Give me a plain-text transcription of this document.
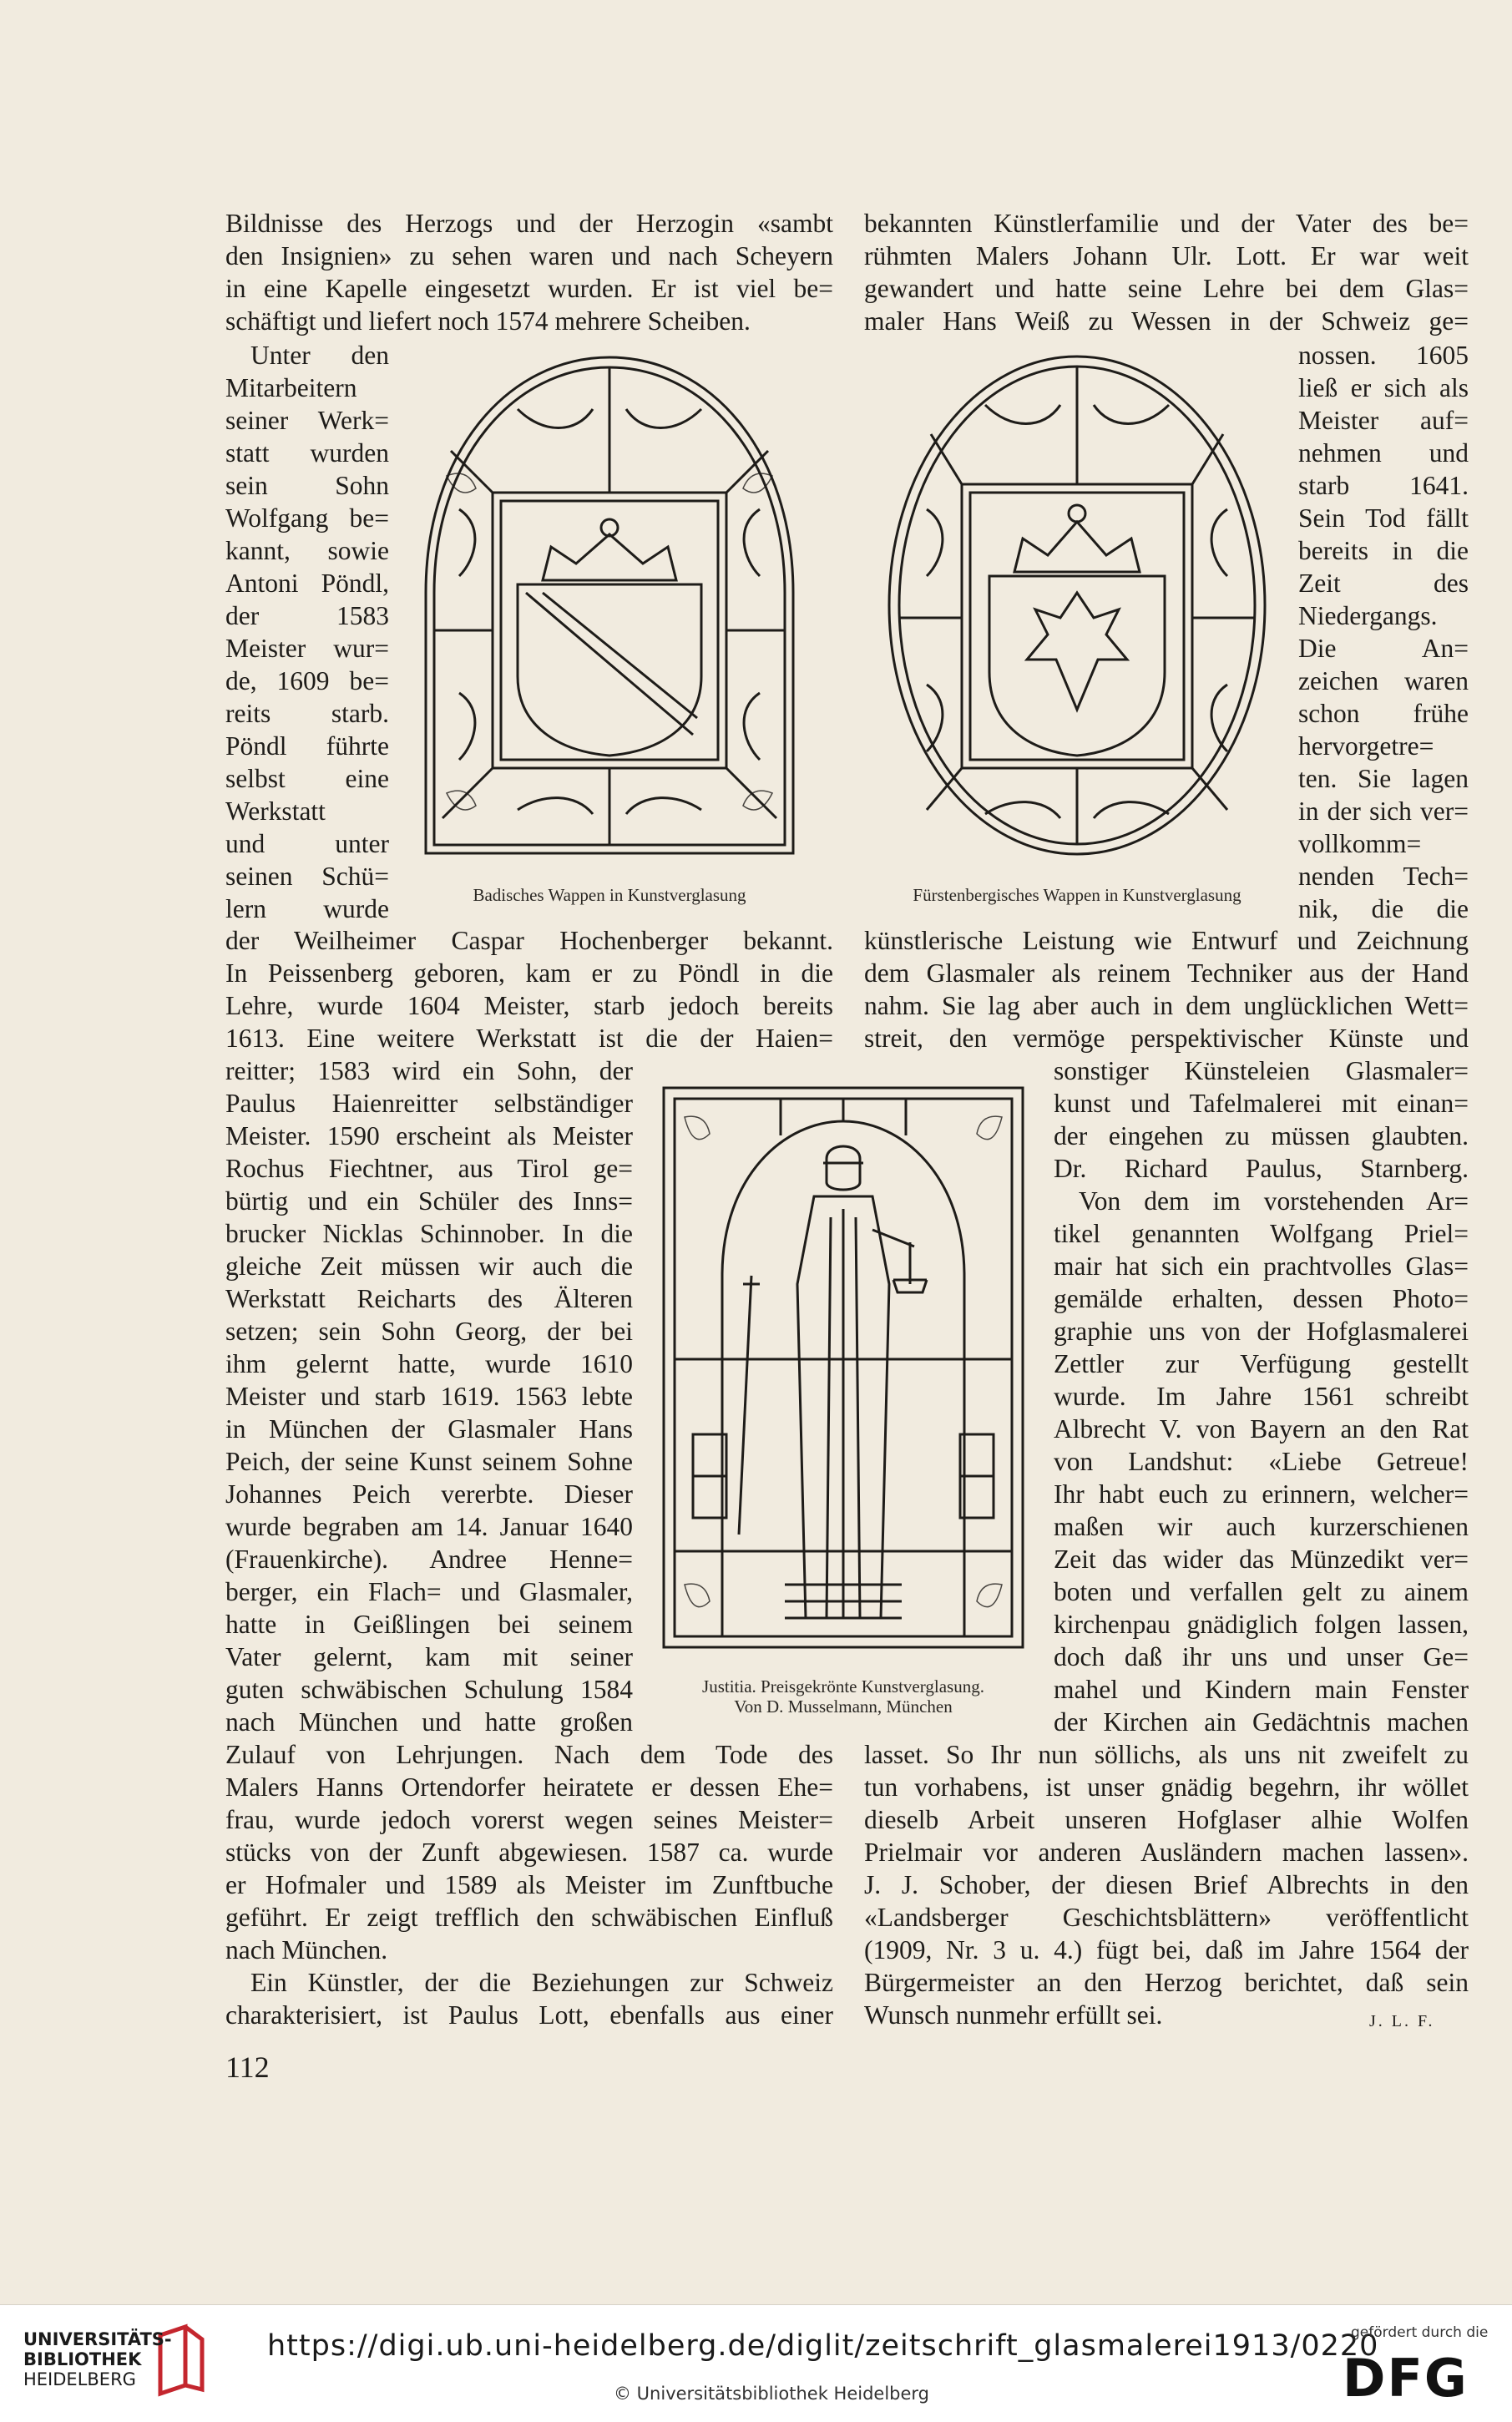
Bildnisse des Herzogs und der Herzogin «sambt
den Insignien» zu sehen waren und nach Scheyern
in eine Kapelle eingesetzt wurden. Er ist viel be=
schäftigt und liefert noch 1574 mehrere Scheiben.
Unter den
Mitarbeitern
seiner Werk=
statt wurden
sein Sohn
Wolfgang be=
kannt, sowie
Antoni Pöndl,
der 1583
Meister wur=
de, 1609 be=
reits starb.
Pöndl führte
selbst eine
Werkstatt
und unter
seinen Schü=
lern wurde
der Weilheimer Caspar Hochenberger bekannt.
In Peissenberg geboren, kam er zu Pöndl in die
Lehre, wurde 1604 Meister, starb jedoch bereits
1613. Eine weitere Werkstatt ist die der Haien=
reitter; 1583 wird ein Sohn, der
Paulus Haienreitter selbständiger
Meister. 1590 erscheint als Meister
Rochus Fiechtner, aus Tirol ge=
bürtig und ein Schüler des Inns=
brucker Nicklas Schinnober. In die
gleiche Zeit müssen wir auch die
Werkstatt Reicharts des Älteren
setzen; sein Sohn Georg, der bei
ihm gelernt hatte, wurde 1610
Meister und starb 1619. 1563 lebte
in München der Glasmaler Hans
Peich, der seine Kunst seinem Sohne
Johannes Peich vererbte. Dieser
wurde begraben am 14. Januar 1640
(Frauenkirche). Andree Henne=
berger, ein Flach= und Glasmaler,
hatte in Geißlingen bei seinem
Vater gelernt, kam mit seiner
guten schwäbischen Schulung 1584
nach München und hatte großen
Zulauf von Lehrjungen. Nach dem Tode des
Malers Hanns Ortendorfer heiratete er dessen Ehe=
frau, wurde jedoch vorerst wegen seines Meister=
stücks von der Zunft abgewiesen. 1587 ca. wurde
er Hofmaler und 1589 als Meister im Zunftbuche
geführt. Er zeigt trefflich den schwäbischen Einfluß
nach München.
Ein Künstler, der die Beziehungen zur Schweiz
charakterisiert, ist Paulus Lott, ebenfalls aus einer
bekannten Künstlerfamilie und der Vater des be=
rühmten Malers Johann Ulr. Lott. Er war weit
gewandert und hatte seine Lehre bei dem Glas=
maler Hans Weiß zu Wessen in der Schweiz ge=
nossen. 1605
ließ er sich als
Meister auf=
nehmen und
starb 1641.
Sein Tod fällt
bereits in die
Zeit des
Niedergangs.
Die An=
zeichen waren
schon frühe
hervorgetre=
ten. Sie lagen
in der sich ver=
vollkomm=
nenden Tech=
nik, die die
künstlerische Leistung wie Entwurf und Zeichnung
dem Glasmaler als reinem Techniker aus der Hand
nahm. Sie lag aber auch in dem unglücklichen Wett=
streit, den vermöge perspektivischer Künste und
sonstiger Künsteleien Glasmaler=
kunst und Tafelmalerei mit einan=
der eingehen zu müssen glaubten.
Dr. Richard Paulus, Starnberg.
Von dem im vorstehenden Ar=
tikel genannten Wolfgang Priel=
mair hat sich ein prachtvolles Glas=
gemälde erhalten, dessen Photo=
graphie uns von der Hofglasmalerei
Zettler zur Verfügung gestellt
wurde. Im Jahre 1561 schreibt
Albrecht V. von Bayern an den Rat
von Landshut: «Liebe Getreue!
Ihr habt euch zu erinnern, welcher=
maßen wir auch kurzerschienen
Zeit das wider das Münzedikt ver=
boten und verfallen gelt zu ainem
kirchenpau gnädiglich folgen lassen,
doch daß ihr uns und unser Ge=
mahel und Kindern main Fenster
der Kirchen ain Gedächtnis machen
lasset. So Ihr nun söllichs, als uns nit zweifelt zu
tun vorhabens, ist unser gnädig begehrn, ihr wöllet
dieselb Arbeit unseren Hofglaser alhie Wolfen
Prielmair vor anderen Ausländern machen lassen».
J. J. Schober, der diesen Brief Albrechts in den
«Landsberger Geschichtsblättern» veröffentlicht
(1909, Nr. 3 u. 4.) fügt bei, daß im Jahre 1564 der
Bürgermeister an den Herzog berichtet, daß sein
Wunsch nunmehr erfüllt sei.
Badisches Wappen in Kunstverglasung	Fürstenbergisches Wappen in Kunstverglasung
Justitia. Preisgekrönte Kunstverglasung.
Von D. Musselmann, München
J. L. F.
112
UNIVERSITÄTS-
BIBLIOTHEK
HEIDELBERG
https://digi.ub.uni-heidelberg.de/diglit/zeitschrift_glasmalerei1913/0220
© Universitätsbibliothek Heidelberg
gefördert durch die
DFG
